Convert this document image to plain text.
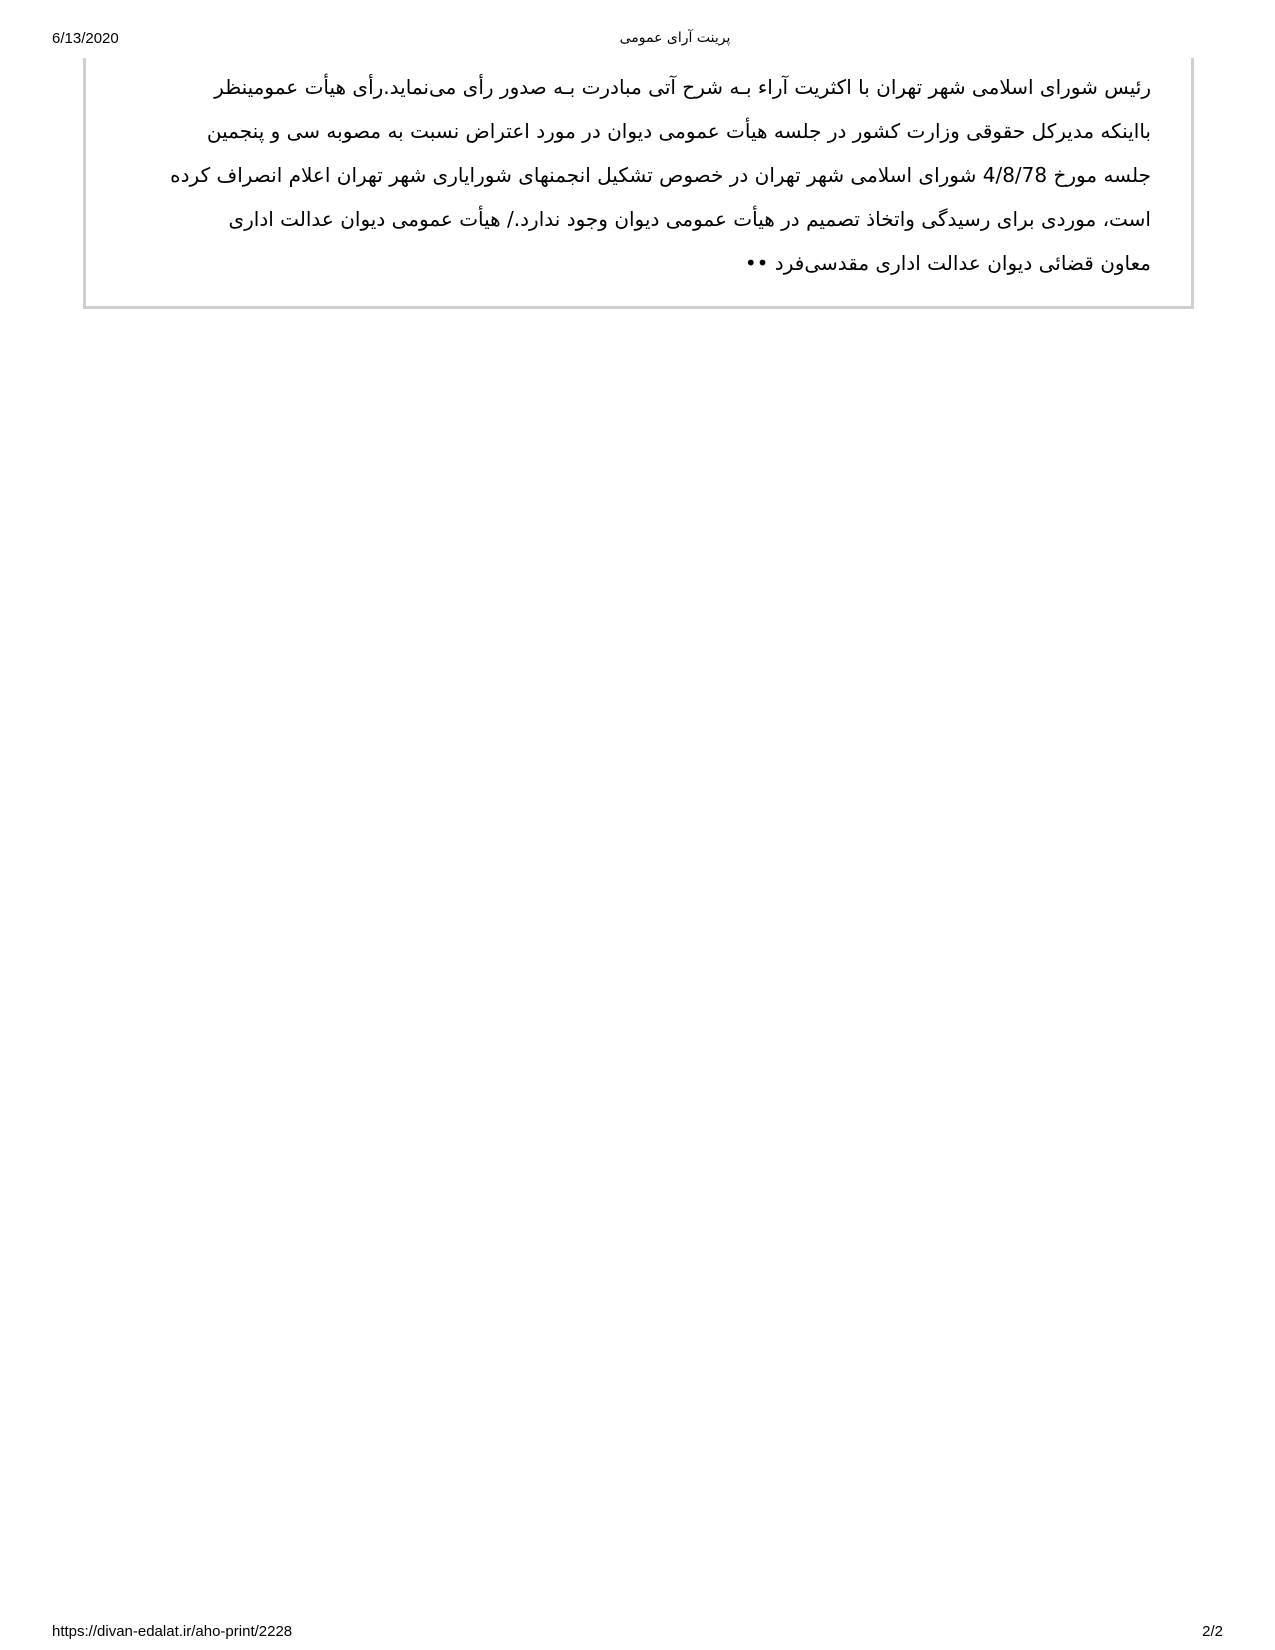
6/13/2020	پرینت آرای عمومی
رئیس شورای اسلامی شهر تهران با اکثریت آراء بـه شرح آتی مبادرت بـه صدور رأی می‌نماید.رأی هیأت عمومینظر
بااینکه مدیرکل حقوقی وزارت کشور در جلسه هیأت عمومی دیوان در مورد اعتراض نسبت به مصوبه سی و پنجمین
جلسه مورخ 4/8/78 شورای اسلامی شهر تهران در خصوص تشکیل انجمنهای شورایاری شهر تهران اعلام انصراف کرده
است، موردی برای رسیدگی واتخاذ تصمیم در هیأت عمومی دیوان وجود ندارد./ هیأت عمومی دیوان عدالت اداری
معاون قضائی دیوان عدالت اداری مقدسی‌فرد ••
https://divan-edalat.ir/aho-print/2228	2/2
